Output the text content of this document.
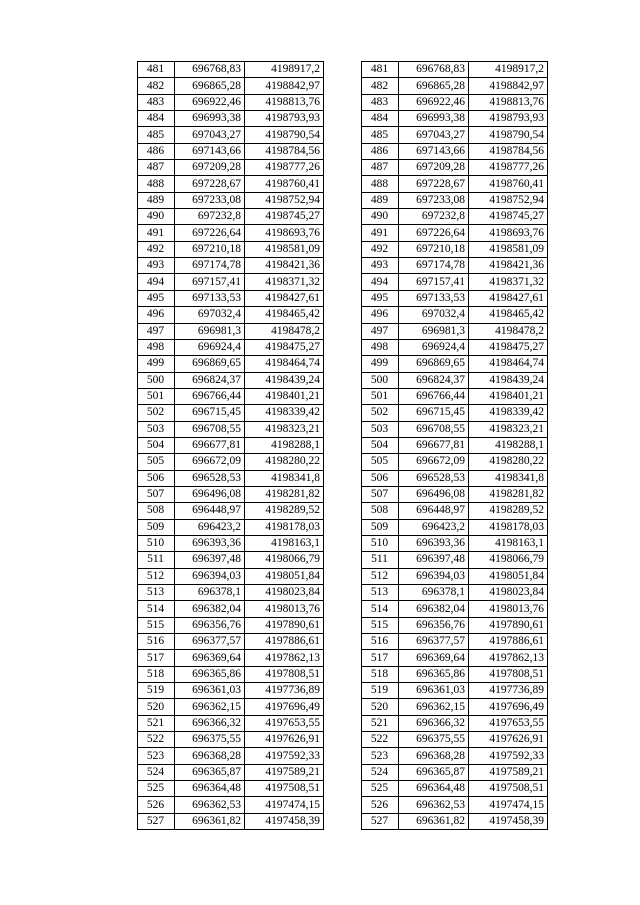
481	696768,83	4198917,2
482	696865,28	4198842,97
483	696922,46	4198813,76
484	696993,38	4198793,93
485	697043,27	4198790,54
486	697143,66	4198784,56
487	697209,28	4198777,26
488	697228,67	4198760,41
489	697233,08	4198752,94
490	697232,8	4198745,27
491	697226,64	4198693,76
492	697210,18	4198581,09
493	697174,78	4198421,36
494	697157,41	4198371,32
495	697133,53	4198427,61
496	697032,4	4198465,42
497	696981,3	4198478,2
498	696924,4	4198475,27
499	696869,65	4198464,74
500	696824,37	4198439,24
501	696766,44	4198401,21
502	696715,45	4198339,42
503	696708,55	4198323,21
504	696677,81	4198288,1
505	696672,09	4198280,22
506	696528,53	4198341,8
507	696496,08	4198281,82
508	696448,97	4198289,52
509	696423,2	4198178,03
510	696393,36	4198163,1
511	696397,48	4198066,79
512	696394,03	4198051,84
513	696378,1	4198023,84
514	696382,04	4198013,76
515	696356,76	4197890,61
516	696377,57	4197886,61
517	696369,64	4197862,13
518	696365,86	4197808,51
519	696361,03	4197736,89
520	696362,15	4197696,49
521	696366,32	4197653,55
522	696375,55	4197626,91
523	696368,28	4197592,33
524	696365,87	4197589,21
525	696364,48	4197508,51
526	696362,53	4197474,15
527	696361,82	4197458,39
481	696768,83	4198917,2
482	696865,28	4198842,97
483	696922,46	4198813,76
484	696993,38	4198793,93
485	697043,27	4198790,54
486	697143,66	4198784,56
487	697209,28	4198777,26
488	697228,67	4198760,41
489	697233,08	4198752,94
490	697232,8	4198745,27
491	697226,64	4198693,76
492	697210,18	4198581,09
493	697174,78	4198421,36
494	697157,41	4198371,32
495	697133,53	4198427,61
496	697032,4	4198465,42
497	696981,3	4198478,2
498	696924,4	4198475,27
499	696869,65	4198464,74
500	696824,37	4198439,24
501	696766,44	4198401,21
502	696715,45	4198339,42
503	696708,55	4198323,21
504	696677,81	4198288,1
505	696672,09	4198280,22
506	696528,53	4198341,8
507	696496,08	4198281,82
508	696448,97	4198289,52
509	696423,2	4198178,03
510	696393,36	4198163,1
511	696397,48	4198066,79
512	696394,03	4198051,84
513	696378,1	4198023,84
514	696382,04	4198013,76
515	696356,76	4197890,61
516	696377,57	4197886,61
517	696369,64	4197862,13
518	696365,86	4197808,51
519	696361,03	4197736,89
520	696362,15	4197696,49
521	696366,32	4197653,55
522	696375,55	4197626,91
523	696368,28	4197592,33
524	696365,87	4197589,21
525	696364,48	4197508,51
526	696362,53	4197474,15
527	696361,82	4197458,39
